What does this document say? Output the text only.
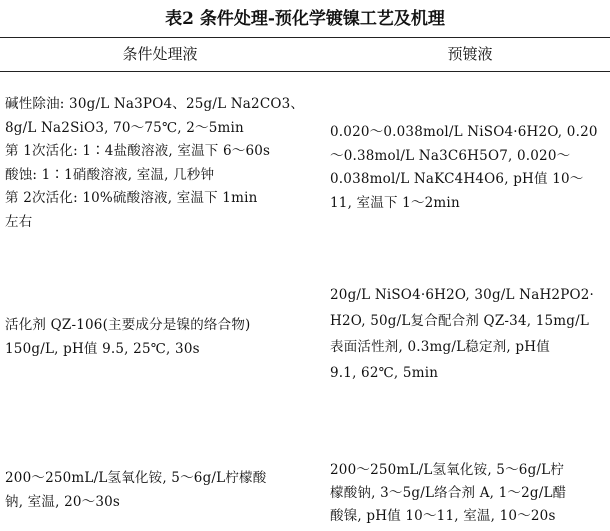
表2 条件处理-预化学镀镍工艺及机理
条件处理液	预镀液
碱性除油: 30g/L Na3PO4、25g/L Na2CO3、
8g/L Na2SiO3, 70～75℃, 2～5min
第 1次活化: 1∶4盐酸溶液, 室温下 6～60s
酸蚀: 1∶1硝酸溶液, 室温, 几秒钟
第 2次活化: 10%硫酸溶液, 室温下 1min
左右
0.020～0.038mol/L NiSO4·6H2O, 0.20
～0.38mol/L Na3C6H5O7, 0.020～
0.038mol/L NaKC4H4O6, pH值 10～
11, 室温下 1～2min
活化剂 QZ-106(主要成分是镍的络合物)
150g/L, pH值 9.5, 25℃, 30s
20g/L NiSO4·6H2O, 30g/L NaH2PO2·
H2O, 50g/L复合配合剂 QZ-34, 15mg/L
表面活性剂, 0.3mg/L稳定剂, pH值
9.1, 62℃, 5min
200～250mL/L氢氧化铵, 5～6g/L柠檬酸
钠, 室温, 20～30s
200～250mL/L氢氧化铵, 5～6g/L柠
檬酸钠, 3～5g/L络合剂 A, 1～2g/L醋
酸镍, pH值 10～11, 室温, 10～20s
